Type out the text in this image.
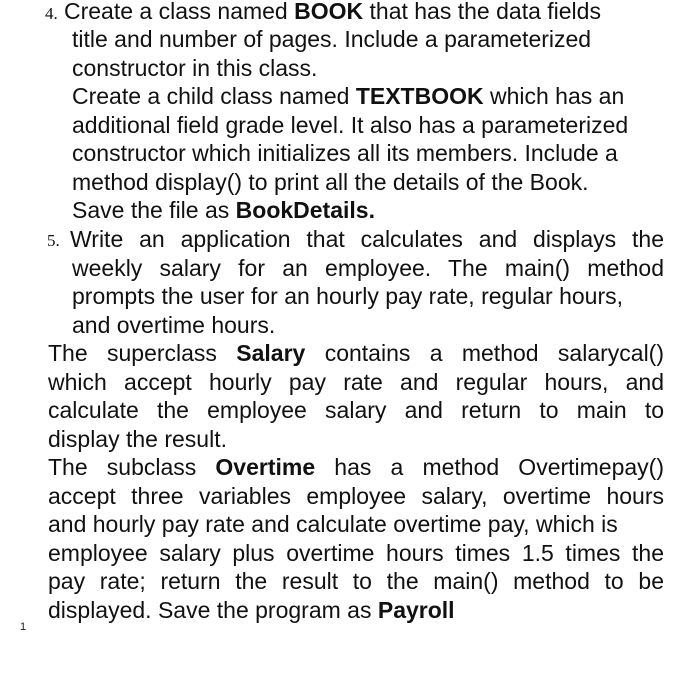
4. Create a class named BOOK that has the data fields

title and number of pages. Include a parameterized

constructor in this class.

Create a child class named TEXTBOOK which has an

additional field grade level. It also has a parameterized

constructor which initializes all its members. Include a

method display() to print all the details of the Book.

Save the file as BookDetails.

5. Write an application that calculates and displays the

weekly salary for an employee. The main() method

prompts the user for an hourly pay rate, regular hours,

and overtime hours.

The superclass Salary contains a method salarycal()

which accept hourly pay rate and regular hours, and

calculate the employee salary and return to main to

display the result.

The subclass Overtime has a method Overtimepay()

accept three variables employee salary, overtime hours

and hourly pay rate and calculate overtime pay, which is

employee salary plus overtime hours times 1.5 times the

pay rate; return the result to the main() method to be

displayed. Save the program as Payroll

1
